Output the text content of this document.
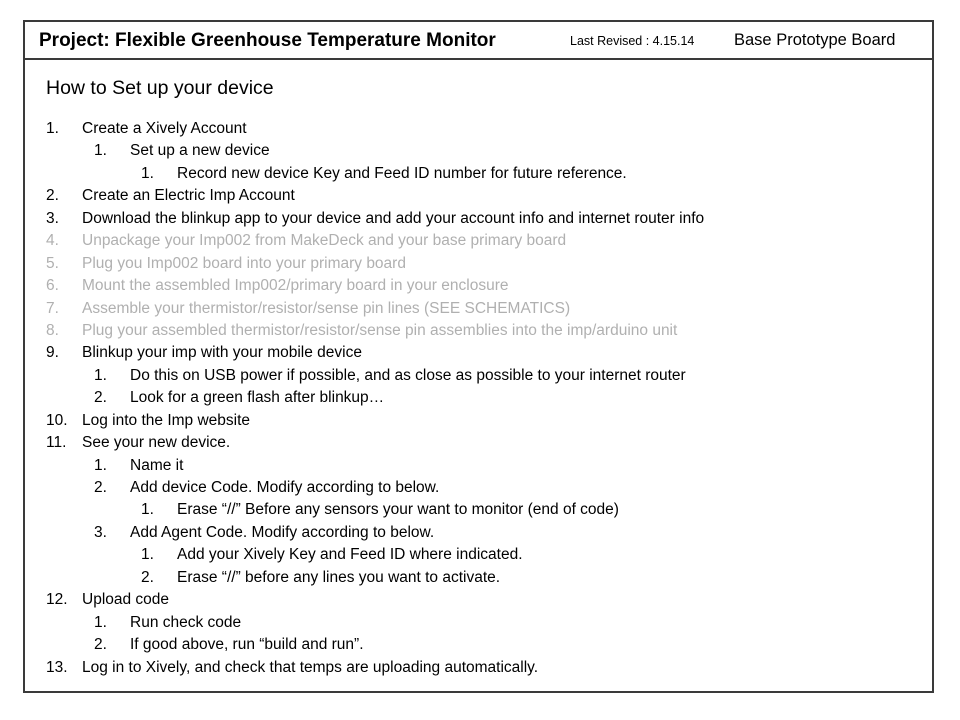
Project: Flexible Greenhouse Temperature Monitor	Last Revised : 4.15.14 Base Prototype Board
How to Set up your device
1. Create a Xively Account
1. Set up a new device
1. Record new device Key and Feed ID number for future reference.
2. Create an Electric Imp Account
3. Download the blinkup app to your device and add your account info and internet router info
4. Unpackage your Imp002 from MakeDeck and your base primary board
5. Plug you Imp002 board into your primary board
6. Mount the assembled Imp002/primary board in your enclosure
7. Assemble your thermistor/resistor/sense pin lines (SEE SCHEMATICS)
8. Plug your assembled thermistor/resistor/sense pin assemblies into the imp/arduino unit
9. Blinkup your imp with your mobile device
1. Do this on USB power if possible, and as close as possible to your internet router
2. Look for a green flash after blinkup…
10. Log into the Imp website
11. See your new device.
1. Name it
2. Add device Code. Modify according to below.
1. Erase “//” Before any sensors your want to monitor (end of code)
3. Add Agent Code. Modify according to below.
1. Add your Xively Key and Feed ID where indicated.
2. Erase “//” before any lines you want to activate.
12. Upload code
1. Run check code
2. If good above, run “build and run”.
13. Log in to Xively, and check that temps are uploading automatically.
